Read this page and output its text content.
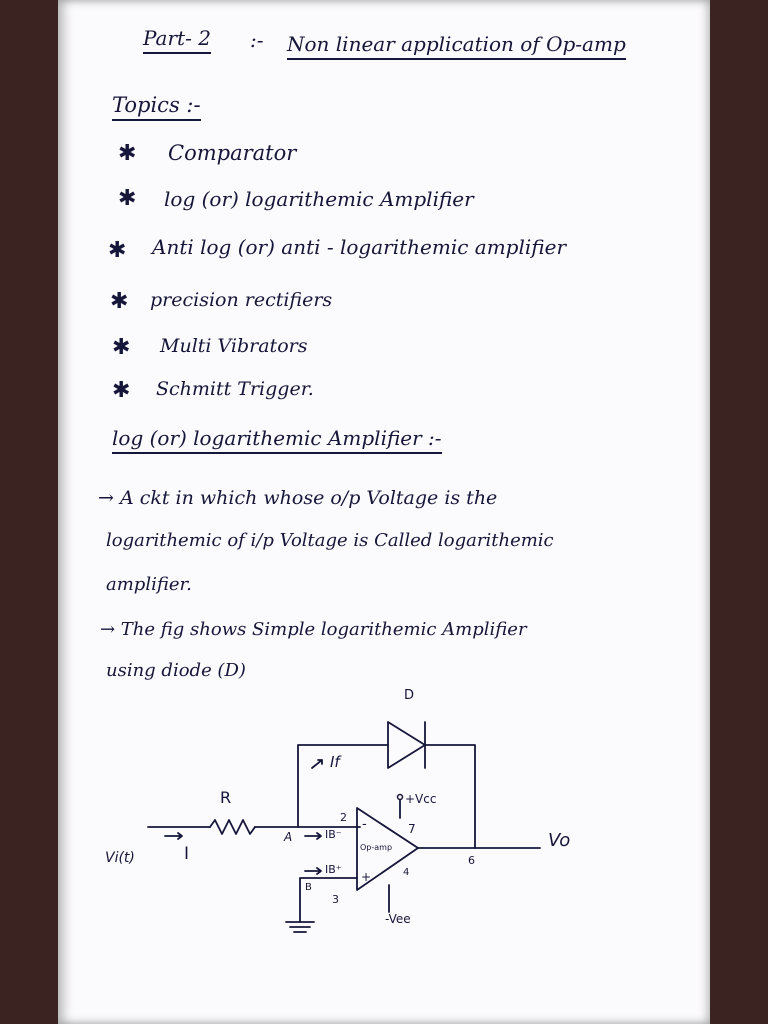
Part- 2 :- Non linear application of Op-amp
Topics :-
✱ Comparator
✱ log (or) logarithemic Amplifier
✱ Anti log (or) anti - logarithemic amplifier
✱ precision rectifiers
✱ Multi Vibrators
✱ Schmitt Trigger.
log (or) logarithemic Amplifier :-
→ A ckt in which whose o/p Voltage is the
logarithemic of i/p Voltage is Called logarithemic
amplifier.
→ The fig shows Simple logarithemic Amplifier
using diode (D)
D
If
R
Vi(t)	I
A	IB⁻
IB⁺
B
2
3
4
6
7
-
+
Op-amp
+Vcc
-Vee
Vo
